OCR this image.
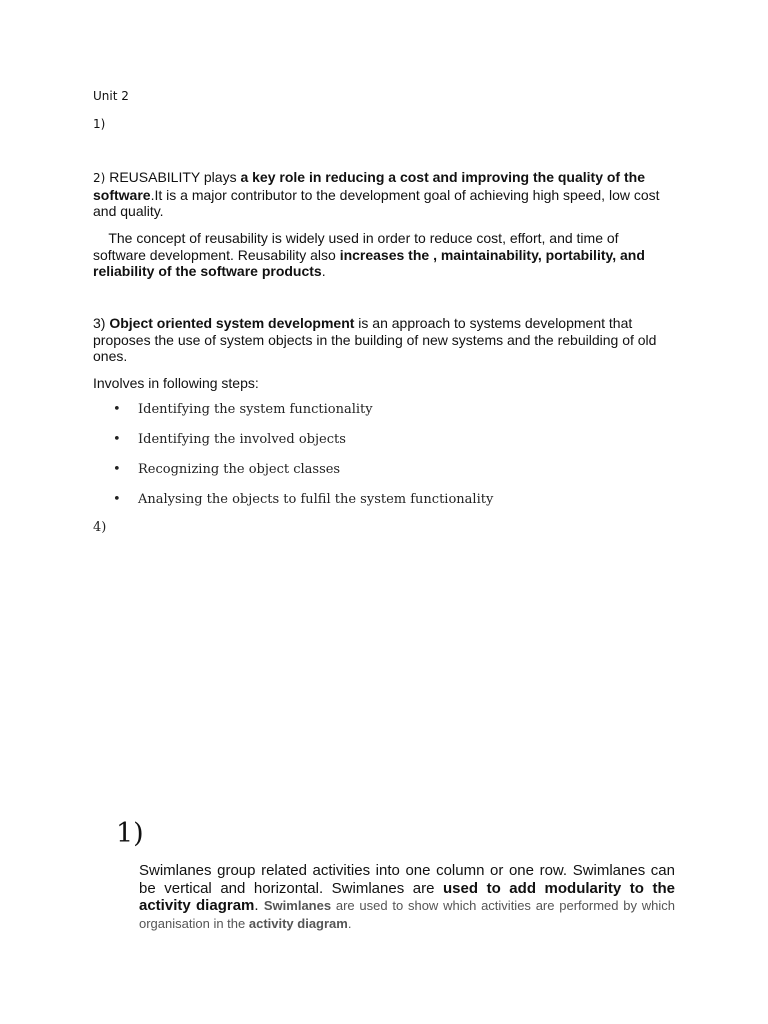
Unit 2
1)
2) REUSABILITY plays a key role in reducing a cost and improving the quality of the software.It is a major contributor to the development goal of achieving high speed, low cost and quality.
The concept of reusability is widely used in order to reduce cost, effort, and time of software development. Reusability also increases the , maintainability, portability, and reliability of the software products.
3) Object oriented system development is an approach to systems development that proposes the use of system objects in the building of new systems and the rebuilding of old ones.
Involves in following steps:
• Identifying the system functionality
• Identifying the involved objects
• Recognizing the object classes
• Analysing the objects to fulfil the system functionality
4)
1)
Swimlanes group related activities into one column or one row. Swimlanes can be vertical and horizontal. Swimlanes are used to add modularity to the activity diagram. Swimlanes are used to show which activities are performed by which organisation in the activity diagram.
